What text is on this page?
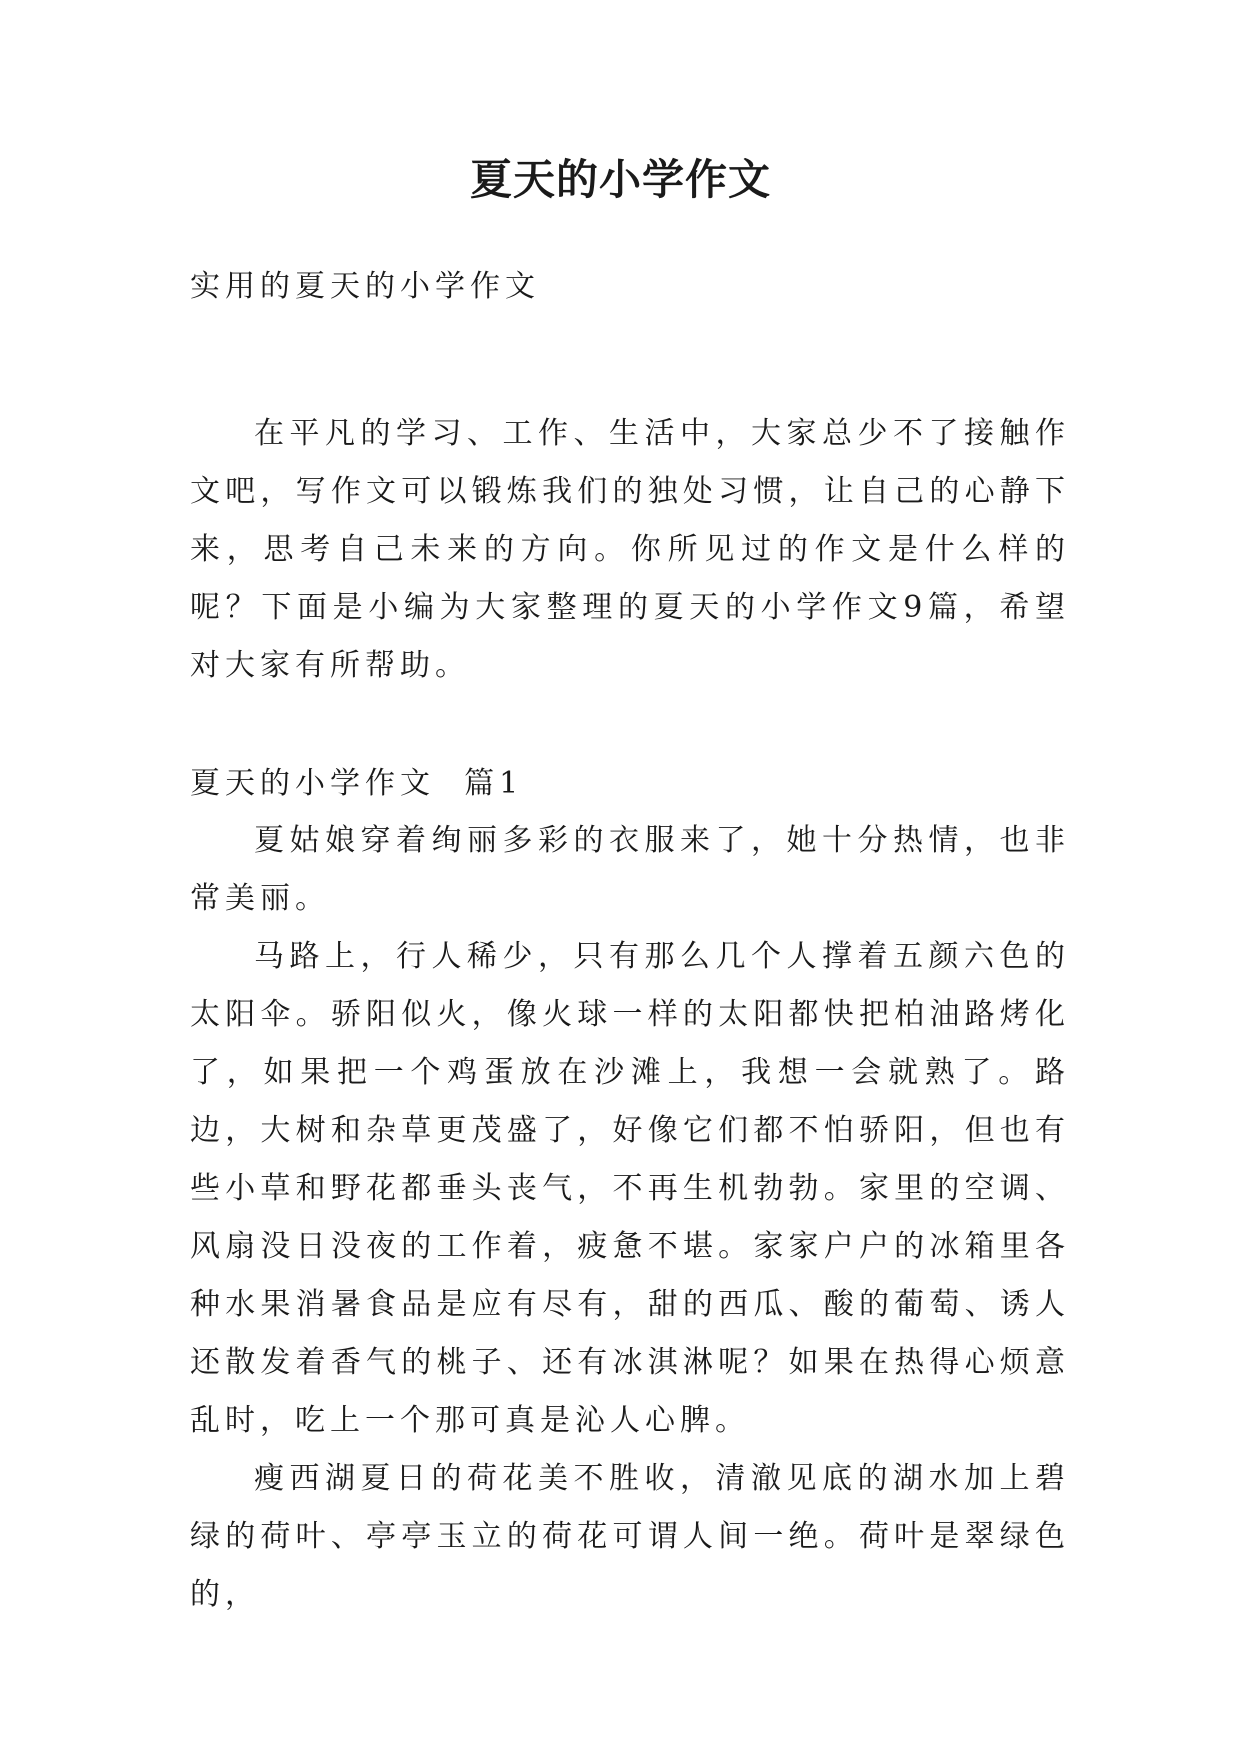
夏天的小学作文

实用的夏天的小学作文

在平凡的学习、工作、生活中，大家总少不了接触作文吧，写作文可以锻炼我们的独处习惯，让自己的心静下来，思考自己未来的方向。你所见过的作文是什么样的呢？下面是小编为大家整理的夏天的小学作文9篇，希望对大家有所帮助。

夏天的小学作文  篇1

夏姑娘穿着绚丽多彩的衣服来了，她十分热情，也非常美丽。

马路上，行人稀少，只有那么几个人撑着五颜六色的太阳伞。骄阳似火，像火球一样的太阳都快把柏油路烤化了，如果把一个鸡蛋放在沙滩上，我想一会就熟了。路边，大树和杂草更茂盛了，好像它们都不怕骄阳，但也有些小草和野花都垂头丧气，不再生机勃勃。家里的空调、风扇没日没夜的工作着，疲惫不堪。家家户户的冰箱里各种水果消暑食品是应有尽有，甜的西瓜、酸的葡萄、诱人还散发着香气的桃子、还有冰淇淋呢？如果在热得心烦意乱时，吃上一个那可真是沁人心脾。

瘦西湖夏日的荷花美不胜收，清澈见底的湖水加上碧绿的荷叶、亭亭玉立的荷花可谓人间一绝。荷叶是翠绿色的，
